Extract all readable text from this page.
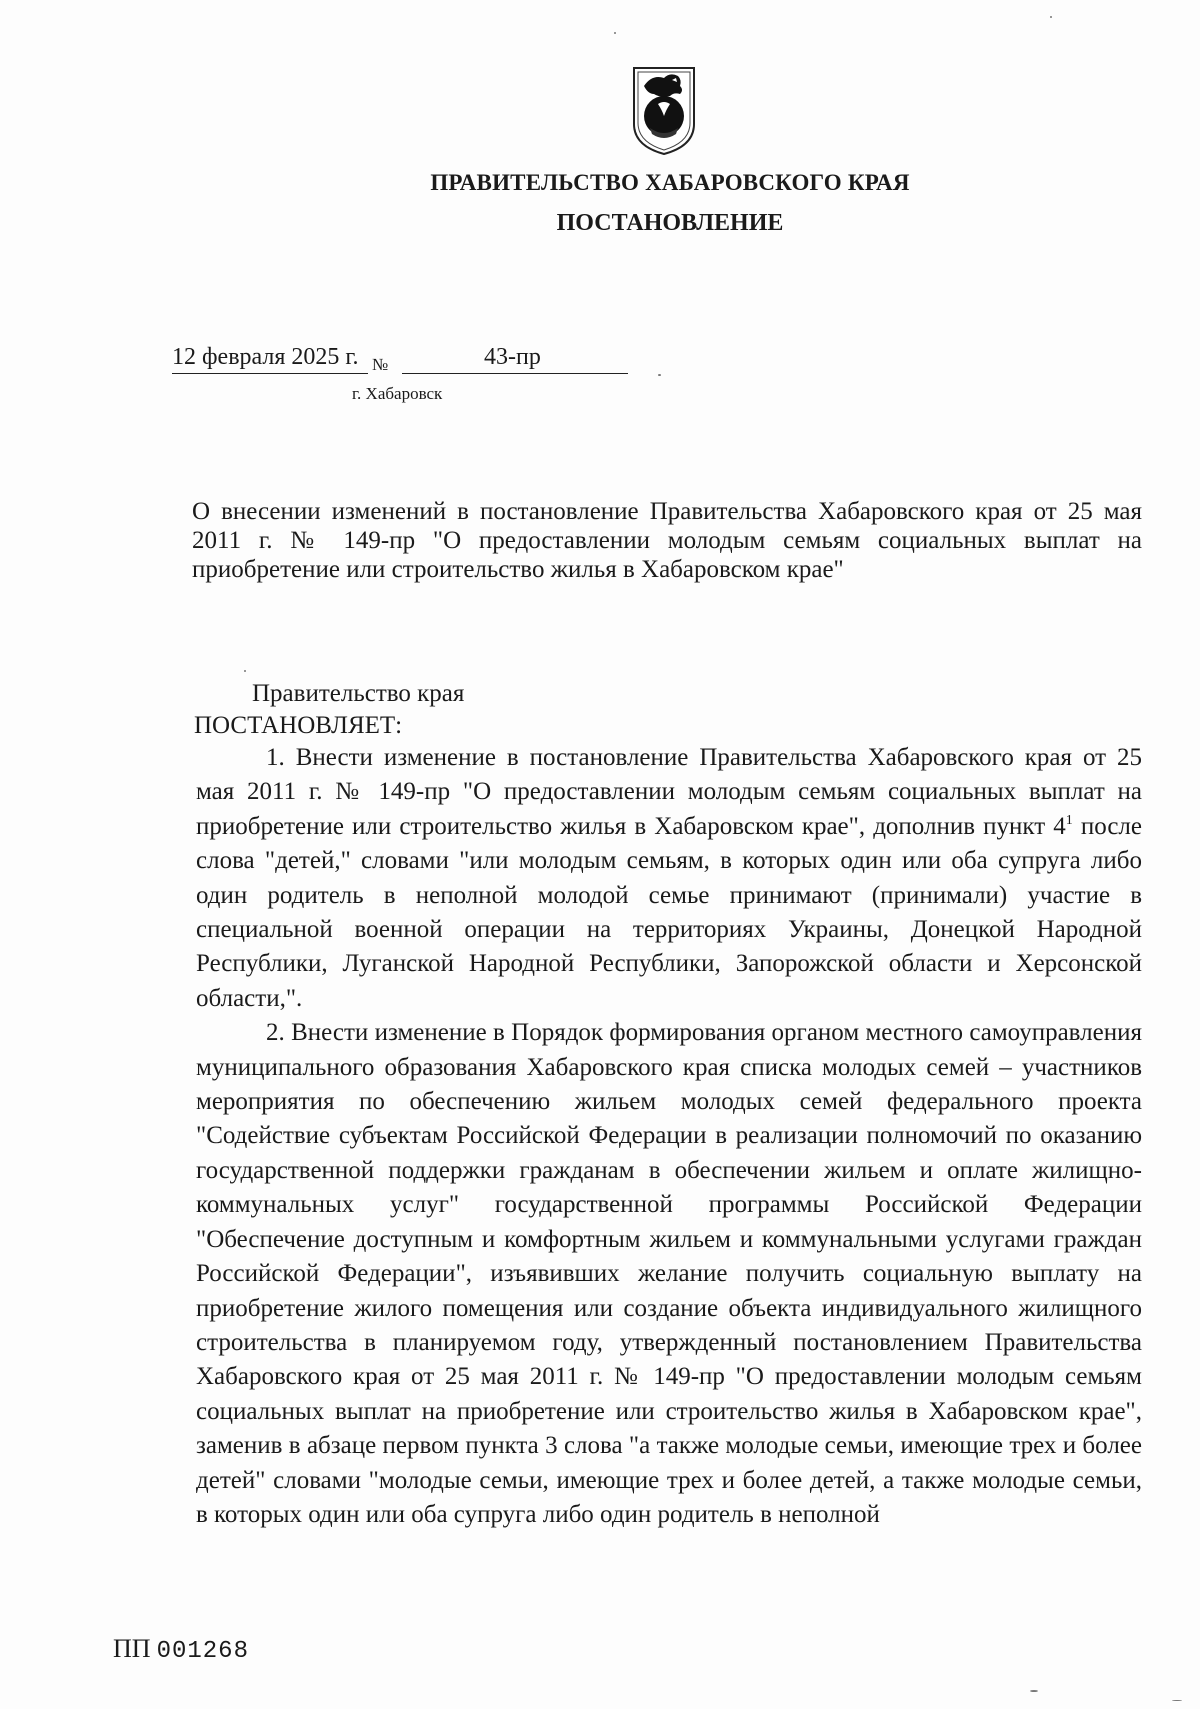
ПРАВИТЕЛЬСТВО ХАБАРОВСКОГО КРАЯ
ПОСТАНОВЛЕНИЕ
12 февраля 2025 г. №	43-пр
г. Хабаровск
О внесении изменений в постановление Правительства Хабаровского края от 25 мая 2011 г. № 149-пр "О предоставлении молодым семьям социальных выплат на приобретение или строительство жилья в Хабаровском крае"
Правительство края
ПОСТАНОВЛЯЕТ:

1. Внести изменение в постановление Правительства Хабаровского края от 25 мая 2011 г. № 149-пр "О предоставлении молодым семьям социальных выплат на приобретение или строительство жилья в Хабаровском крае", дополнив пункт $4^1$ после слова "детей," словами "или молодым семьям, в которых один или оба супруга либо один родитель в неполной молодой семье принимают (принимали) участие в специальной военной операции на территориях Украины, Донецкой Народной Республики, Луганской Народной Республики, Запорожской области и Херсонской области,".

2. Внести изменение в Порядок формирования органом местного самоуправления муниципального образования Хабаровского края списка молодых семей – участников мероприятия по обеспечению жильем молодых семей федерального проекта "Содействие субъектам Российской Федерации в реализации полномочий по оказанию государственной поддержки гражданам в обеспечении жильем и оплате жилищно-коммунальных услуг" государственной программы Российской Федерации "Обеспечение доступным и комфортным жильем и коммунальными услугами граждан Российской Федерации", изъявивших желание получить социальную выплату на приобретение жилого помещения или создание объекта индивидуального жилищного строительства в планируемом году, утвержденный постановлением Правительства Хабаровского края от 25 мая 2011 г. № 149-пр "О предоставлении молодым семьям социальных выплат на приобретение или строительство жилья в Хабаровском крае", заменив в абзаце первом пункта 3 слова "а также молодые семьи, имеющие трех и более детей" словами "молодые семьи, имеющие трех и более детей, а также молодые семьи, в которых один или оба супруга либо один родитель в неполной

ПП 001268
